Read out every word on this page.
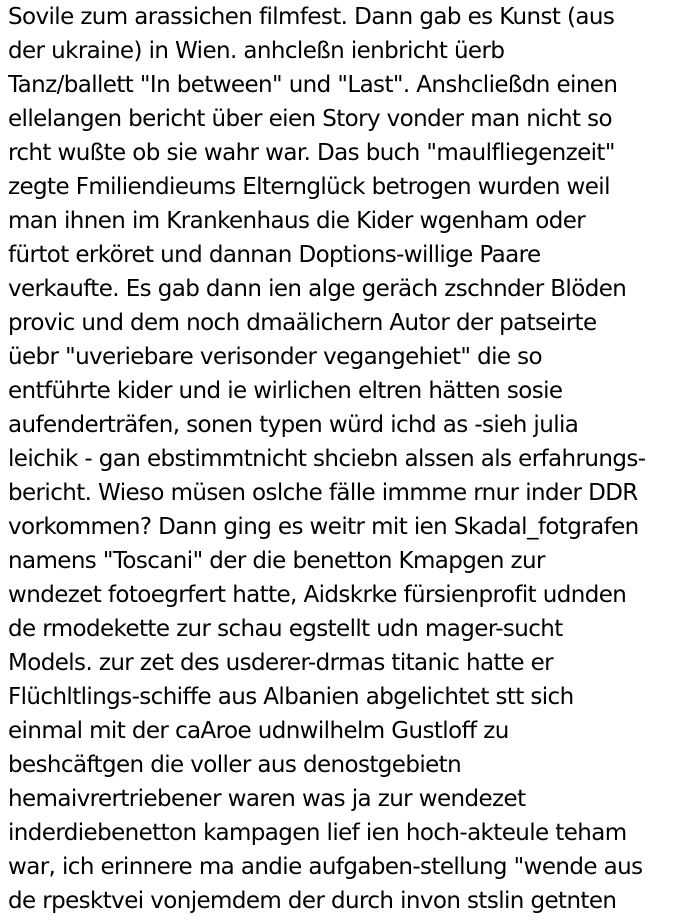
Sovile zum arassichen filmfest. Dann gab es Kunst (aus
der ukraine) in Wien. anhcleßn ienbricht üerb
Tanz/ballett "In between" und "Last". Anshcließdn einen
ellelangen bericht über eien Story vonder man nicht so
rcht wußte ob sie wahr war. Das buch "maulfliegenzeit"
zegte Fmiliendieums Elternglück betrogen wurden weil
man ihnen im Krankenhaus die Kider wgenham oder
fürtot erköret und dannan Doptions-willige Paare
verkaufte. Es gab dann ien alge geräch zschnder Blöden
provic und dem noch dmaälichern Autor der patseirte
üebr "uveriebare verisonder vegangehiet" die so
entführte kider und ie wirlichen eltren hätten sosie
aufenderträfen, sonen typen würd ichd as -sieh julia
leichik - gan ebstimmtnicht shciebn alssen als erfahrungs-
bericht. Wieso müsen oslche fälle immme rnur inder DDR
vorkommen? Dann ging es weitr mit ien Skadal_fotgrafen
namens "Toscani" der die benetton Kmapgen zur
wndezet fotoegrfert hatte, Aidskrke fürsienprofit udnden
de rmodekette zur schau egstellt udn mager-sucht
Models. zur zet des usderer-drmas titanic hatte er
Flüchltlings-schiffe aus Albanien abgelichtet stt sich
einmal mit der caAroe udnwilhelm Gustloff zu
beshcäftgen die voller aus denostgebietn
hemaivrertriebener waren was ja zur wendezet
inderdiebenetton kampagen lief ien hoch-akteule teham
war, ich erinnere ma andie aufgaben-stellung "wende aus
de rpesktvei vonjemdem der durch invon stslin getnten
